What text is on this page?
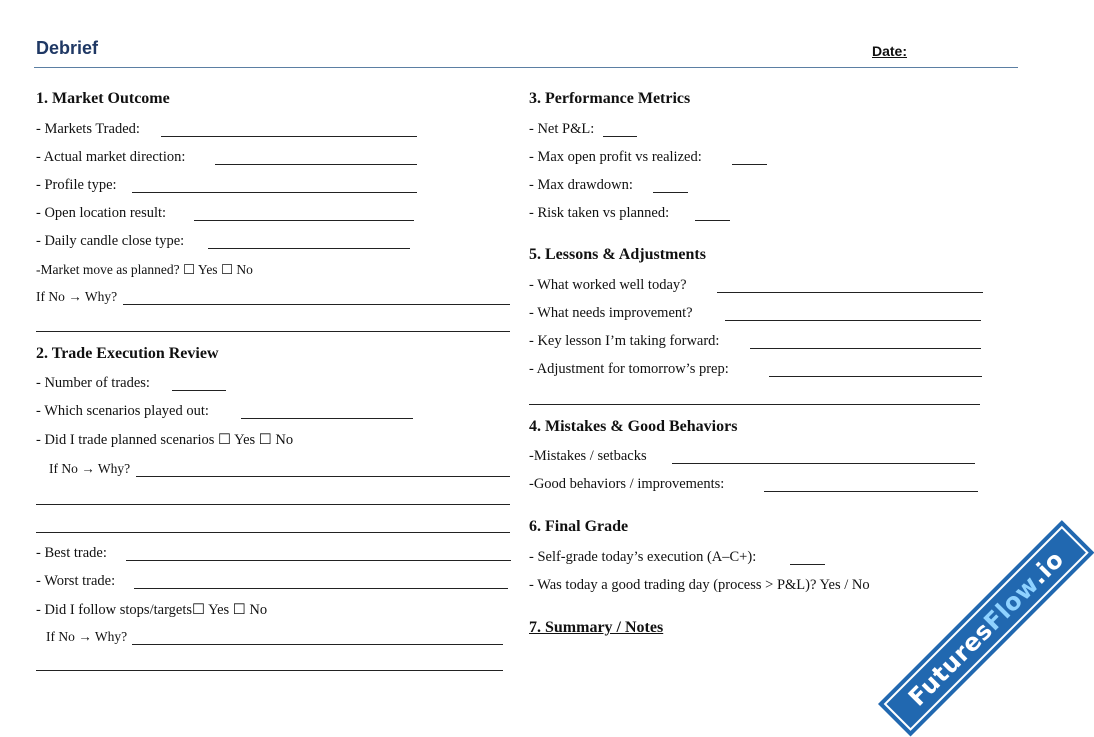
Debrief	Date:
1. Market Outcome
- Markets Traded:
- Actual market direction:
- Profile type:
- Open location result:
- Daily candle close type:
-Market move as planned? ☐ Yes ☐ No
If No → Why?
2. Trade Execution Review
- Number of trades:
- Which scenarios played out:
- Did I trade planned scenarios ☐ Yes ☐ No
If No → Why?
- Best trade:
- Worst trade:
- Did I follow stops/targets☐ Yes ☐ No
If No → Why?
3. Performance Metrics
- Net P&L:
- Max open profit vs realized:
- Max drawdown:
- Risk taken vs planned:
5. Lessons & Adjustments
- What worked well today?
- What needs improvement?
- Key lesson I’m taking forward:
- Adjustment for tomorrow’s prep:
4. Mistakes & Good Behaviors
-Mistakes / setbacks
-Good behaviors / improvements:
6. Final Grade
- Self-grade today’s execution (A–C+):
- Was today a good trading day (process > P&L)? Yes / No
7. Summary / Notes	Futures
Flow
.io
